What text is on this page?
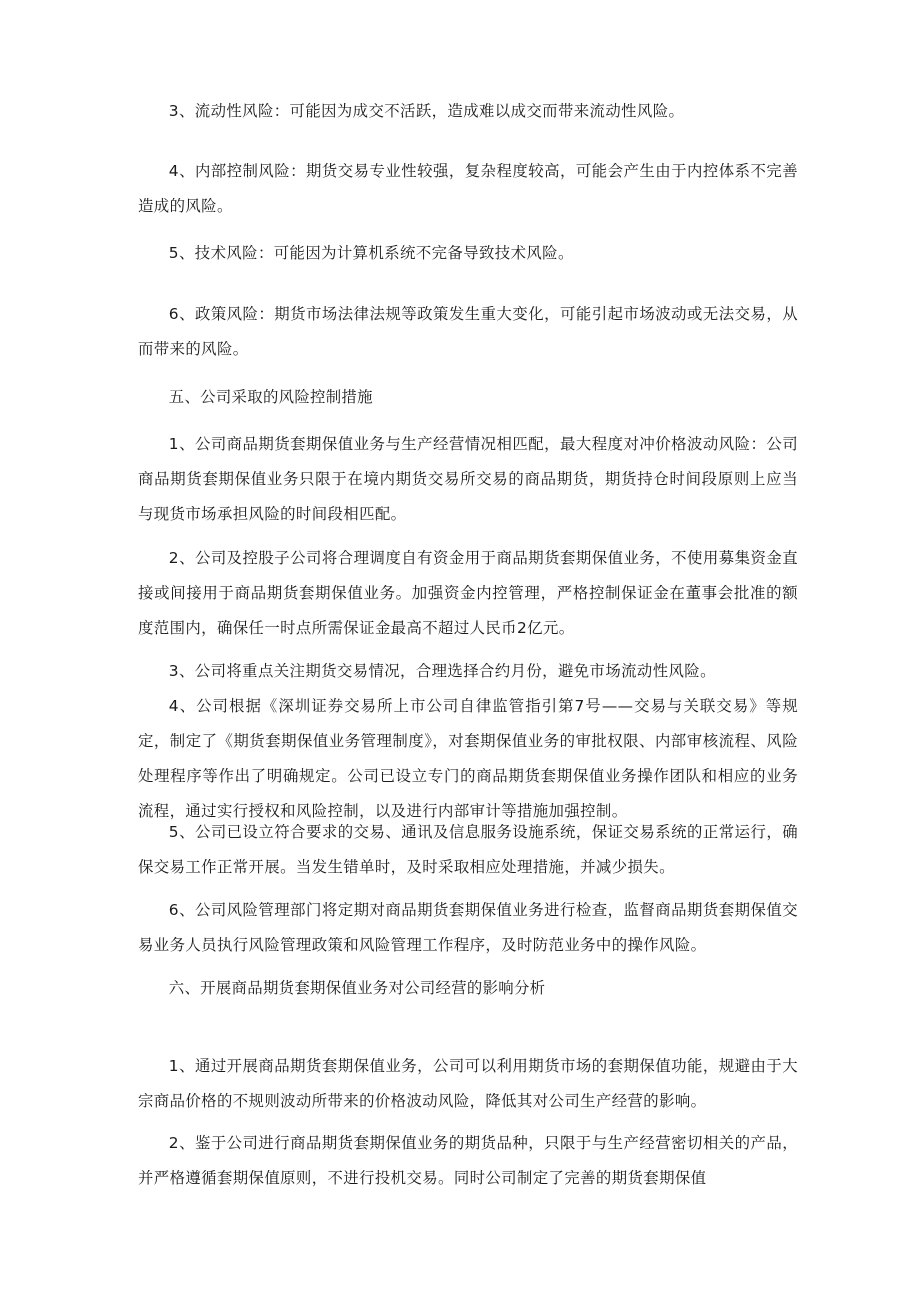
3、流动性风险：可能因为成交不活跃，造成难以成交而带来流动性风险。

4、内部控制风险：期货交易专业性较强，复杂程度较高，可能会产生由于内控体系不完善造成的风险。

5、技术风险：可能因为计算机系统不完备导致技术风险。

6、政策风险：期货市场法律法规等政策发生重大变化，可能引起市场波动或无法交易，从而带来的风险。

五、公司采取的风险控制措施

1、公司商品期货套期保值业务与生产经营情况相匹配，最大程度对冲价格波动风险：公司商品期货套期保值业务只限于在境内期货交易所交易的商品期货，期货持仓时间段原则上应当与现货市场承担风险的时间段相匹配。

2、公司及控股子公司将合理调度自有资金用于商品期货套期保值业务，不使用募集资金直接或间接用于商品期货套期保值业务。加强资金内控管理，严格控制保证金在董事会批准的额度范围内，确保任一时点所需保证金最高不超过人民币2亿元。

3、公司将重点关注期货交易情况，合理选择合约月份，避免市场流动性风险。

4、公司根据《深圳证券交易所上市公司自律监管指引第7号——交易与关联交易》等规定，制定了《期货套期保值业务管理制度》，对套期保值业务的审批权限、内部审核流程、风险处理程序等作出了明确规定。公司已设立专门的商品期货套期保值业务操作团队和相应的业务流程，通过实行授权和风险控制，以及进行内部审计等措施加强控制。

5、公司已设立符合要求的交易、通讯及信息服务设施系统，保证交易系统的正常运行，确保交易工作正常开展。当发生错单时，及时采取相应处理措施，并减少损失。

6、公司风险管理部门将定期对商品期货套期保值业务进行检查，监督商品期货套期保值交易业务人员执行风险管理政策和风险管理工作程序，及时防范业务中的操作风险。

六、开展商品期货套期保值业务对公司经营的影响分析

1、通过开展商品期货套期保值业务，公司可以利用期货市场的套期保值功能，规避由于大宗商品价格的不规则波动所带来的价格波动风险，降低其对公司生产经营的影响。

2、鉴于公司进行商品期货套期保值业务的期货品种，只限于与生产经营密切相关的产品，并严格遵循套期保值原则，不进行投机交易。同时公司制定了完善的期货套期保值
